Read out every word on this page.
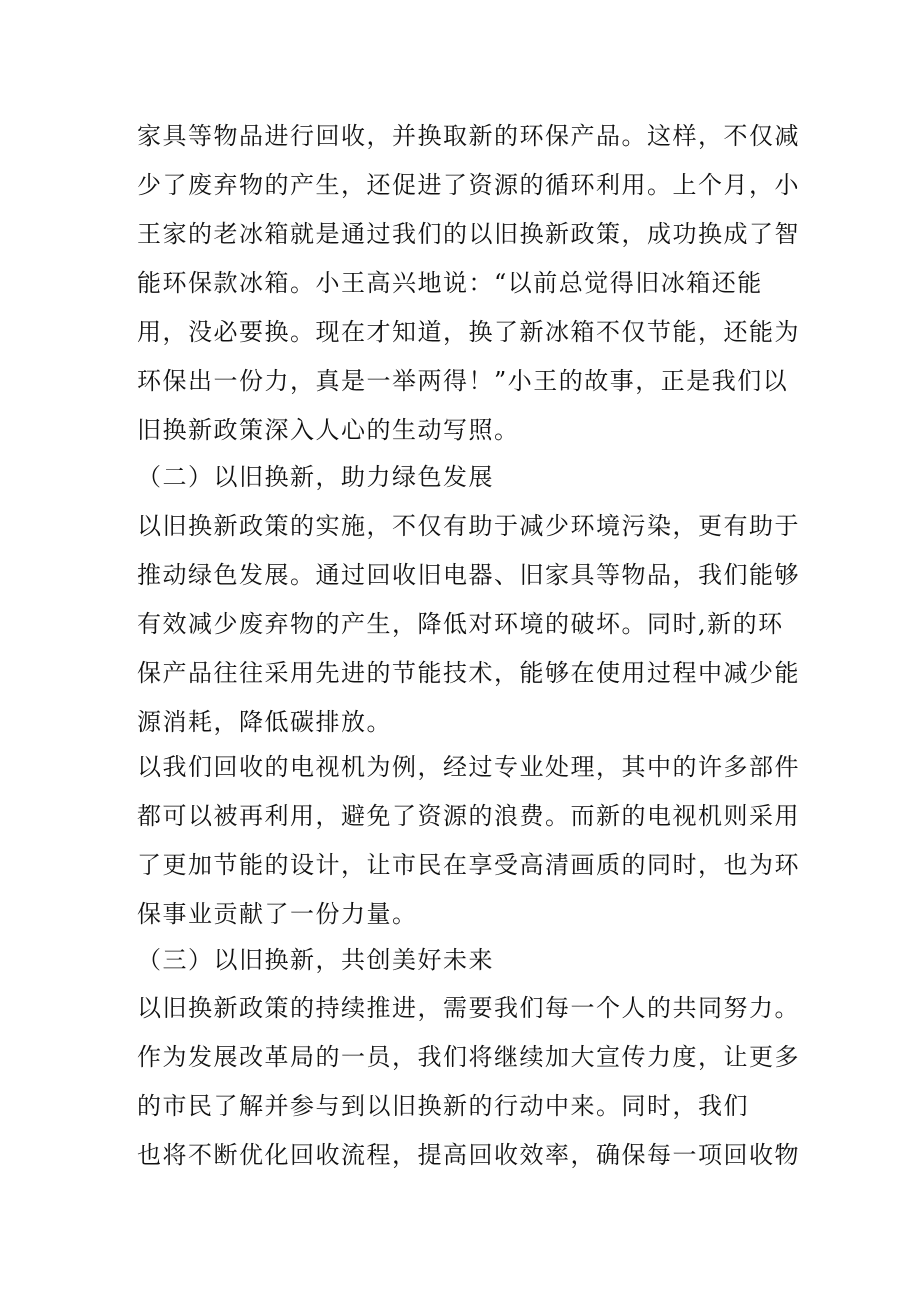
家具等物品进行回收，并换取新的环保产品。这样，不仅减
少了废弃物的产生，还促进了资源的循环利用。上个月，小
王家的老冰箱就是通过我们的以旧换新政策，成功换成了智
能环保款冰箱。小王高兴地说：“以前总觉得旧冰箱还能
用，没必要换。现在才知道，换了新冰箱不仅节能，还能为
环保出一份力，真是一举两得！”小王的故事，正是我们以
旧换新政策深入人心的生动写照。
（二）以旧换新，助力绿色发展
以旧换新政策的实施，不仅有助于减少环境污染，更有助于
推动绿色发展。通过回收旧电器、旧家具等物品，我们能够
有效减少废弃物的产生，降低对环境的破坏。同时,新的环
保产品往往采用先进的节能技术，能够在使用过程中减少能
源消耗，降低碳排放。
以我们回收的电视机为例，经过专业处理，其中的许多部件
都可以被再利用，避免了资源的浪费。而新的电视机则采用
了更加节能的设计，让市民在享受高清画质的同时，也为环
保事业贡献了一份力量。
（三）以旧换新，共创美好未来
以旧换新政策的持续推进，需要我们每一个人的共同努力。
作为发展改革局的一员，我们将继续加大宣传力度，让更多
的市民了解并参与到以旧换新的行动中来。同时，我们
也将不断优化回收流程，提高回收效率，确保每一项回收物
